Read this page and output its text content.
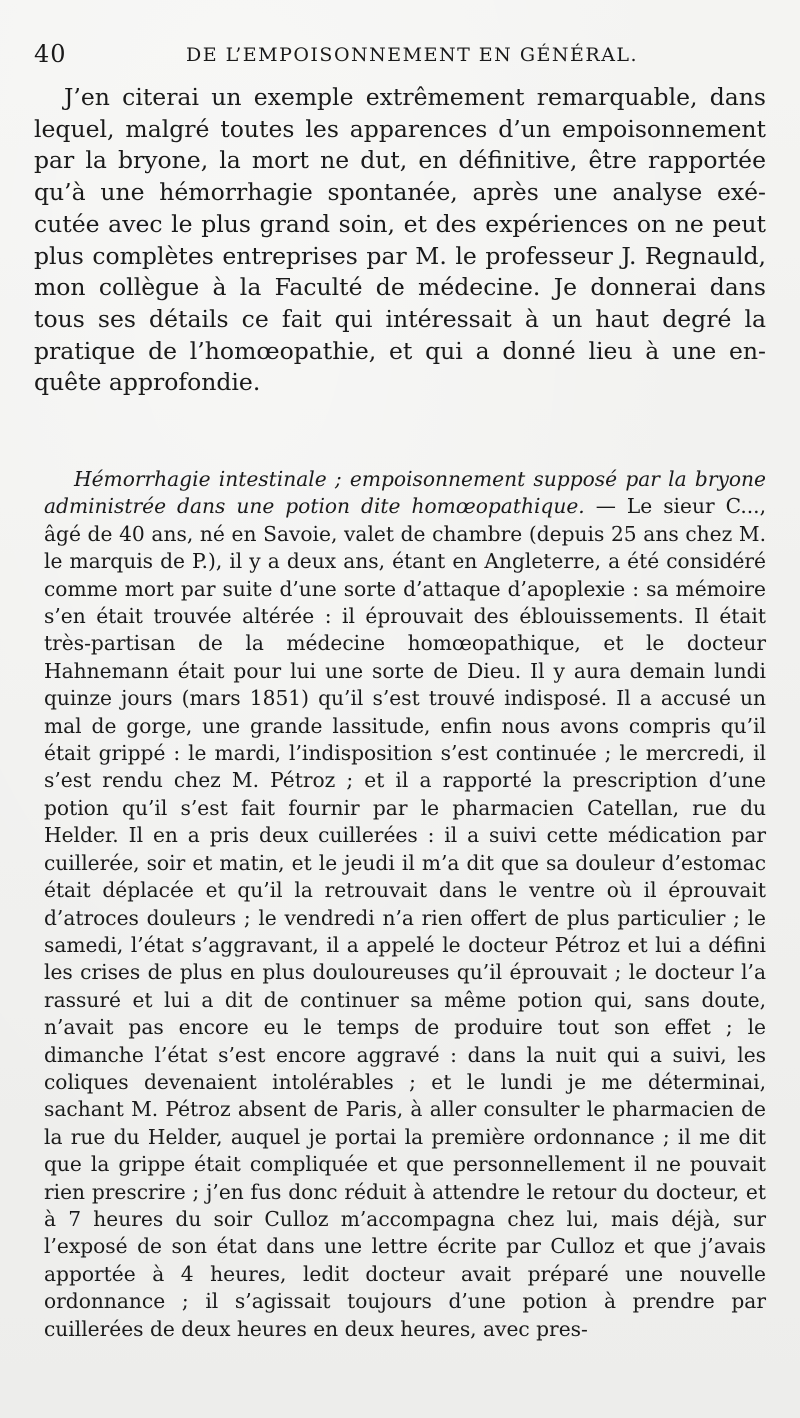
40	DE L’EMPOISONNEMENT EN GÉNÉRAL.

J’en citerai un exemple extrêmement remarquable, dans lequel, malgré toutes les apparences d’un empoisonnement par la bryone, la mort ne dut, en définitive, être rapportée qu’à une hémorrhagie spontanée, après une analyse exécutée avec le plus grand soin, et des expériences on ne peut plus complètes entreprises par M. le professeur J. Regnauld, mon collègue à la Faculté de médecine. Je donnerai dans tous ses détails ce fait qui intéressait à un haut degré la pratique de l’homœopathie, et qui a donné lieu à une enquête approfondie.

Hémorrhagie intestinale ; empoisonnement supposé par la bryone administrée dans une potion dite homœopathique. — Le sieur C..., âgé de 40 ans, né en Savoie, valet de chambre (depuis 25 ans chez M. le marquis de P.), il y a deux ans, étant en Angleterre, a été considéré comme mort par suite d’une sorte d’attaque d’apoplexie : sa mémoire s’en était trouvée altérée : il éprouvait des éblouissements. Il était très-partisan de la médecine homœopathique, et le docteur Hahnemann était pour lui une sorte de Dieu. Il y aura demain lundi quinze jours (mars 1851) qu’il s’est trouvé indisposé. Il a accusé un mal de gorge, une grande lassitude, enfin nous avons compris qu’il était grippé : le mardi, l’indisposition s’est continuée ; le mercredi, il s’est rendu chez M. Pétroz ; et il a rapporté la prescription d’une potion qu’il s’est fait fournir par le pharmacien Catellan, rue du Helder. Il en a pris deux cuillerées : il a suivi cette médication par cuillerée, soir et matin, et le jeudi il m’a dit que sa douleur d’estomac était déplacée et qu’il la retrouvait dans le ventre où il éprouvait d’atroces douleurs ; le vendredi n’a rien offert de plus particulier ; le samedi, l’état s’aggravant, il a appelé le docteur Pétroz et lui a défini les crises de plus en plus douloureuses qu’il éprouvait ; le docteur l’a rassuré et lui a dit de continuer sa même potion qui, sans doute, n’avait pas encore eu le temps de produire tout son effet ; le dimanche l’état s’est encore aggravé : dans la nuit qui a suivi, les coliques devenaient intolérables ; et le lundi je me déterminai, sachant M. Pétroz absent de Paris, à aller consulter le pharmacien de la rue du Helder, auquel je portai la première ordonnance ; il me dit que la grippe était compliquée et que personnellement il ne pouvait rien prescrire ; j’en fus donc réduit à attendre le retour du docteur, et à 7 heures du soir Culloz m’accompagna chez lui, mais déjà, sur l’exposé de son état dans une lettre écrite par Culloz et que j’avais apportée à 4 heures, ledit docteur avait préparé une nouvelle ordonnance ; il s’agissait toujours d’une potion à prendre par cuillerées de deux heures en deux heures, avec pres-
